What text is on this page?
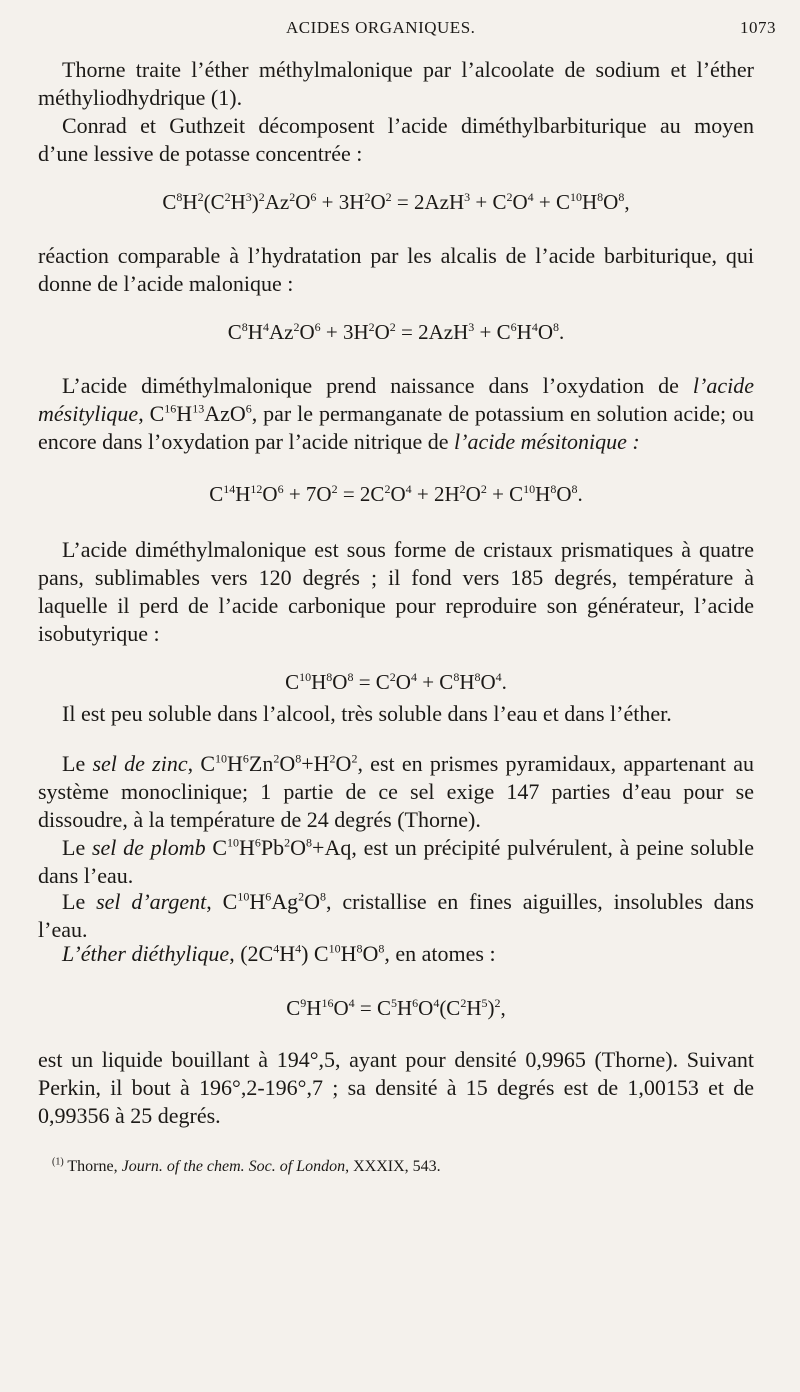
ACIDES ORGANIQUES.	1073

Thorne traite l’éther méthylmalonique par l’alcoolate de sodium et l’éther méthyliodhydrique (1).

Conrad et Guthzeit décomposent l’acide diméthylbarbiturique au moyen d’une lessive de potasse concentrée :

$C^8H^2(C^2H^3)^2Az^2O^6 + 3H^2O^2 = 2AzH^3 + C^2O^4 + C^{10}H^8O^8$,

réaction comparable à l’hydratation par les alcalis de l’acide barbiturique, qui donne de l’acide malonique :

$C^8H^4Az^2O^6 + 3H^2O^2 = 2AzH^3 + C^6H^4O^8$.

L’acide diméthylmalonique prend naissance dans l’oxydation de l’acide mésitylique, $C^{16}H^{13}AzO^6$, par le permanganate de potassium en solution acide; ou encore dans l’oxydation par l’acide nitrique de l’acide mésitonique :

$C^{14}H^{12}O^6 + 7O^2 = 2C^2O^4 + 2H^2O^2 + C^{10}H^8O^8$.

L’acide diméthylmalonique est sous forme de cristaux prismatiques à quatre pans, sublimables vers 120 degrés ; il fond vers 185 degrés, température à laquelle il perd de l’acide carbonique pour reproduire son générateur, l’acide isobutyrique :

$C^{10}H^8O^8 = C^2O^4 + C^8H^8O^4$.

Il est peu soluble dans l’alcool, très soluble dans l’eau et dans l’éther.

Le sel de zinc, $C^{10}H^6Zn^2O^8+H^2O^2$, est en prismes pyramidaux, appartenant au système monoclinique; 1 partie de ce sel exige 147 parties d’eau pour se dissoudre, à la température de 24 degrés (Thorne).

Le sel de plomb $C^{10}H^6Pb^2O^8+Aq$, est un précipité pulvérulent, à peine soluble dans l’eau.

Le sel d’argent, $C^{10}H^6Ag^2O^8$, cristallise en fines aiguilles, insolubles dans l’eau.

L’éther diéthylique, $(2C^4H^4)$ $C^{10}H^8O^8$, en atomes :

$C^9H^{16}O^4 = C^5H^6O^4(C^2H^5)^2$,

est un liquide bouillant à 194°,5, ayant pour densité 0,9965 (Thorne). Suivant Perkin, il bout à 196°,2-196°,7 ; sa densité à 15 degrés est de 1,00153 et de 0,99356 à 25 degrés.

$^{(1)}$ Thorne, Journ. of the chem. Soc. of London, XXXIX, 543.
